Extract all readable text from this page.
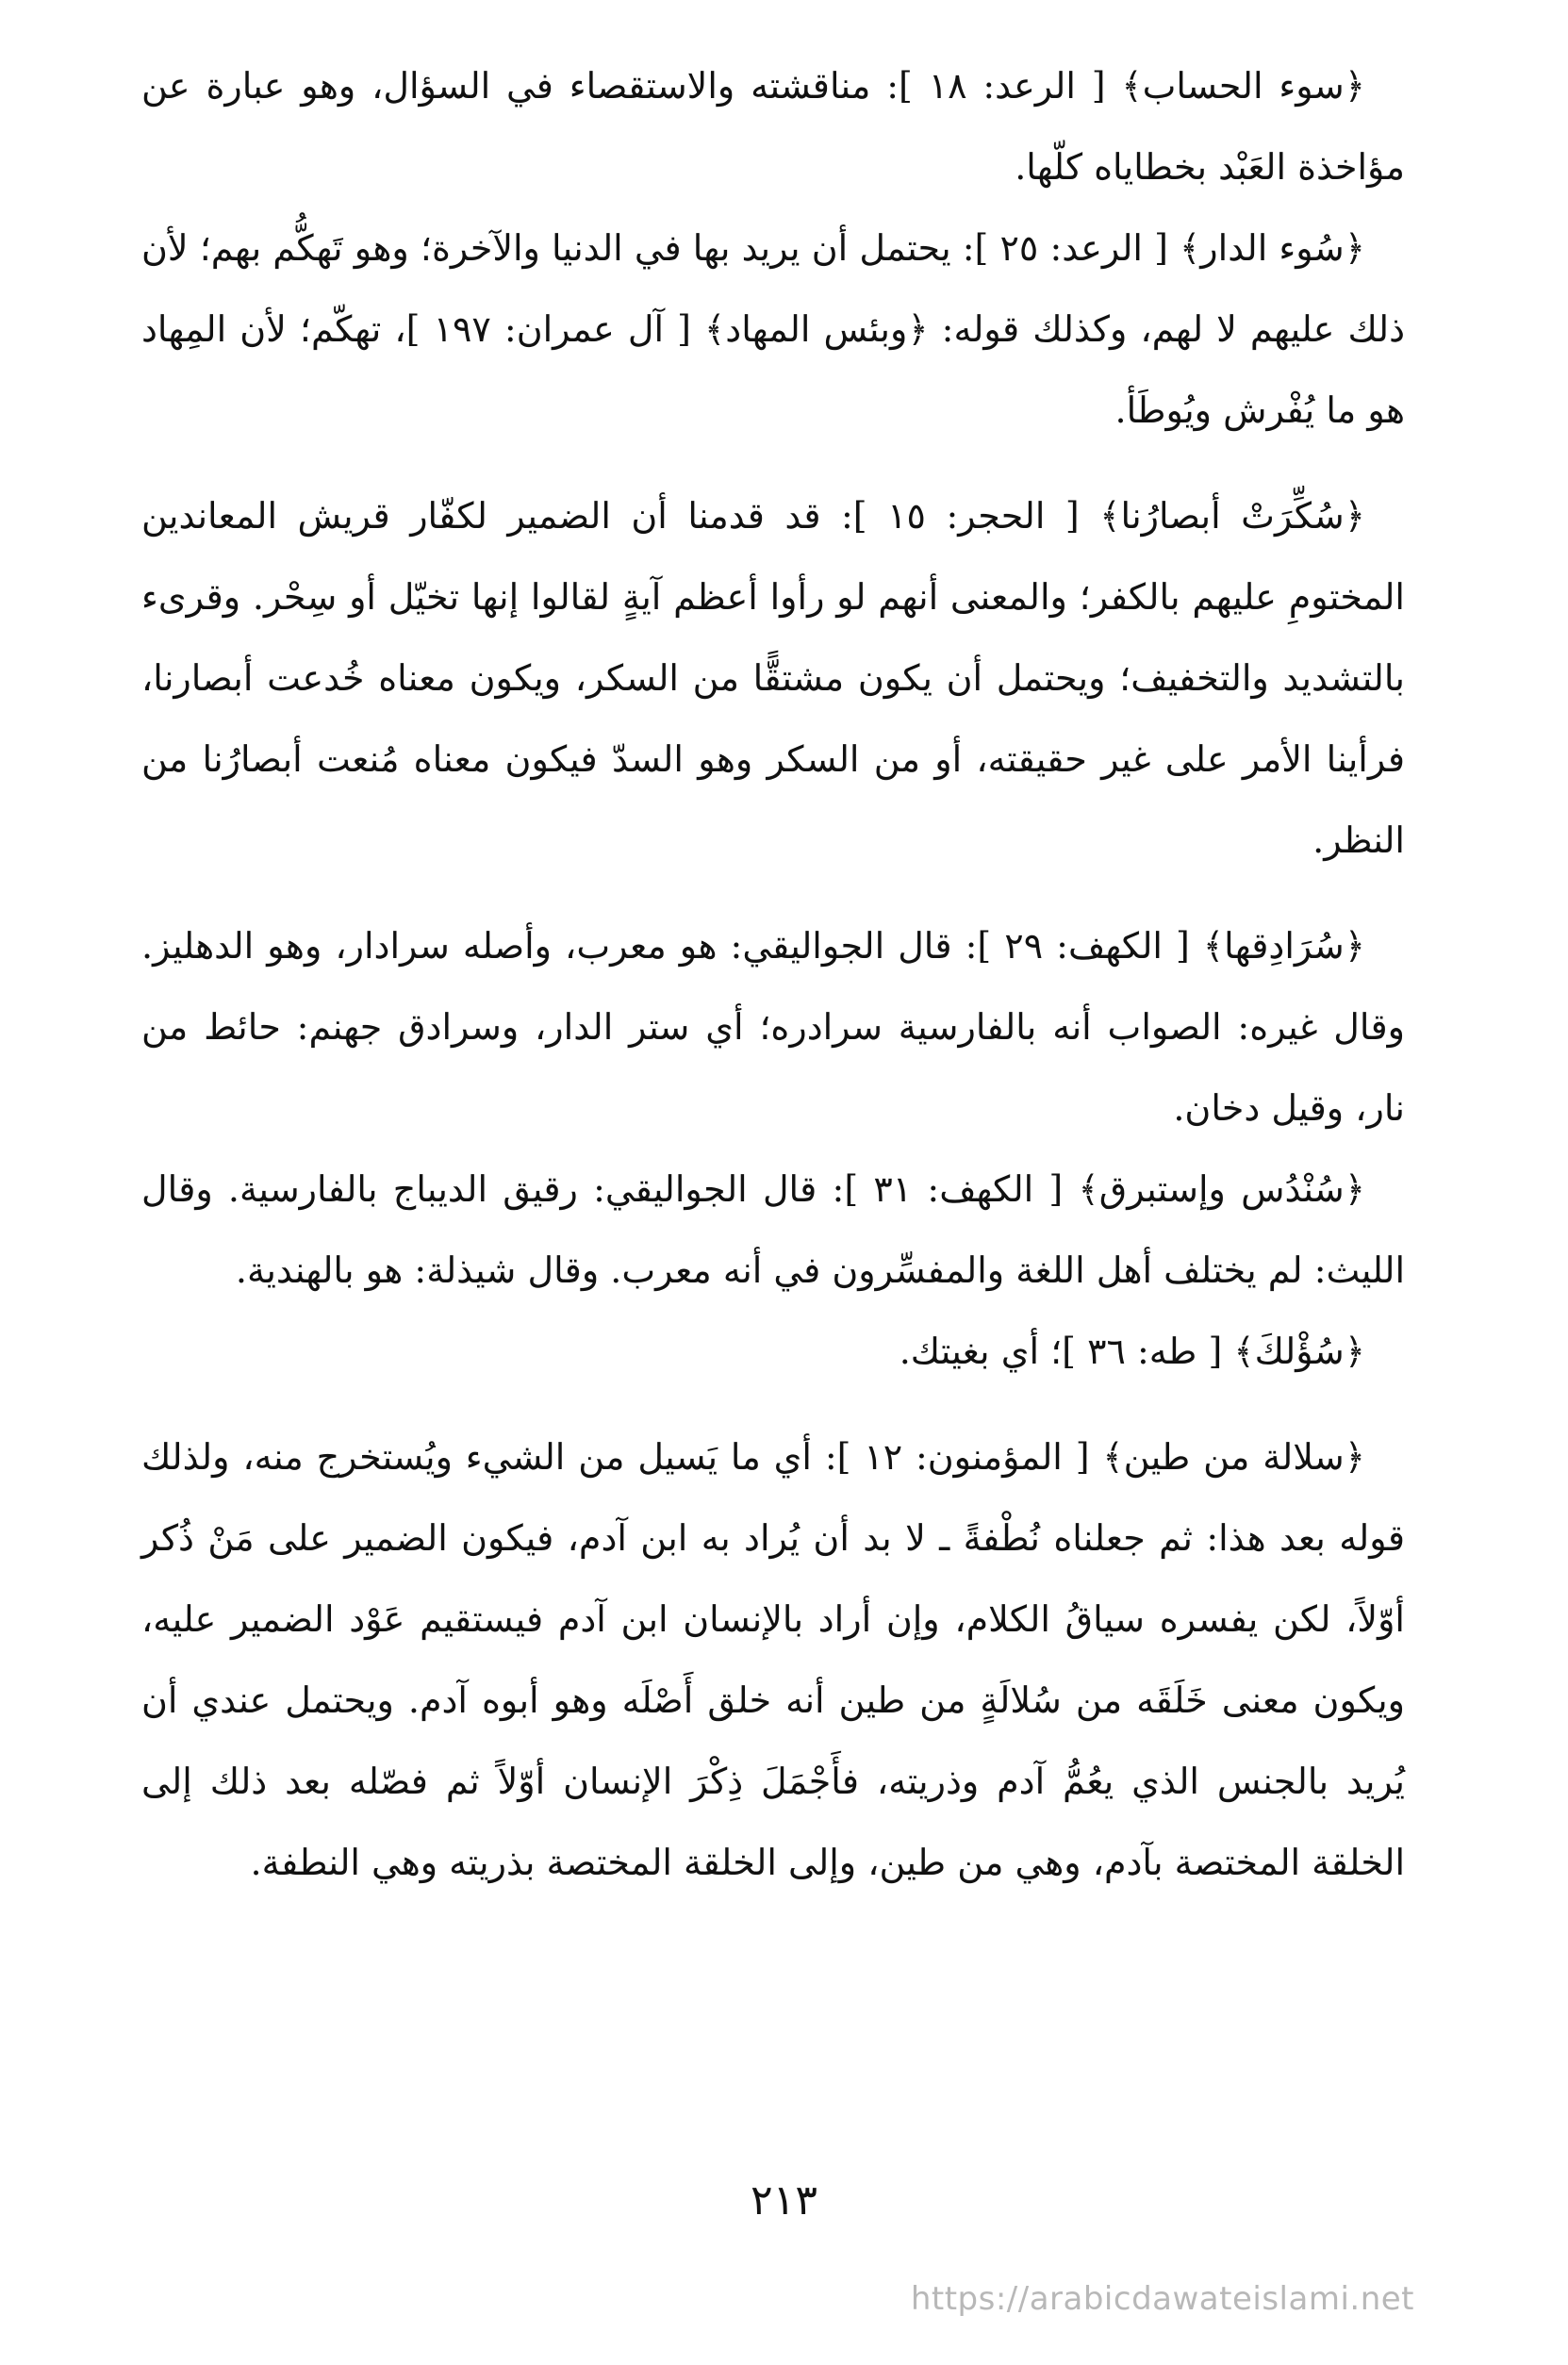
﴿سوء الحساب﴾ [ الرعد: ١٨ ]: مناقشته والاستقصاء في السؤال، وهو عبارة عن مؤاخذة العَبْد بخطاياه كلّها.

﴿سُوء الدار﴾ [ الرعد: ٢٥ ]: يحتمل أن يريد بها في الدنيا والآخرة؛ وهو تَهكُّم بهم؛ لأن ذلك عليهم لا لهم، وكذلك قوله: ﴿وبئس المهاد﴾ [ آل عمران: ١٩٧ ]، تهكّم؛ لأن المِهاد هو ما يُفْرش ويُوطَأ.

﴿سُكِّرَتْ أبصارُنا﴾ [ الحجر: ١٥ ]: قد قدمنا أن الضمير لكفّار قريش المعاندين المختومِ عليهم بالكفر؛ والمعنى أنهم لو رأوا أعظم آيةٍ لقالوا إنها تخيّل أو سِحْر. وقرىء بالتشديد والتخفيف؛ ويحتمل أن يكون مشتقًّا من السكر، ويكون معناه خُدعت أبصارنا، فرأينا الأمر على غير حقيقته، أو من السكر وهو السدّ فيكون معناه مُنعت أبصارُنا من النظر.

﴿سُرَادِقها﴾ [ الكهف: ٢٩ ]: قال الجواليقي: هو معرب، وأصله سرادار، وهو الدهليز. وقال غيره: الصواب أنه بالفارسية سرادره؛ أي ستر الدار، وسرادق جهنم: حائط من نار، وقيل دخان.

﴿سُنْدُس وإستبرق﴾ [ الكهف: ٣١ ]: قال الجواليقي: رقيق الديباج بالفارسية. وقال الليث: لم يختلف أهل اللغة والمفسِّرون في أنه معرب. وقال شيذلة: هو بالهندية.

﴿سُؤْلكَ﴾ [ طه: ٣٦ ]؛ أي بغيتك.

﴿سلالة من طين﴾ [ المؤمنون: ١٢ ]: أي ما يَسيل من الشيء ويُستخرج منه، ولذلك قوله بعد هذا: ثم جعلناه نُطْفةً ـ لا بد أن يُراد به ابن آدم، فيكون الضمير على مَنْ ذُكر أوّلاً، لكن يفسره سياقُ الكلام، وإن أراد بالإنسان ابن آدم فيستقيم عَوْد الضمير عليه، ويكون معنى خَلَقَه من سُلالَةٍ من طين أنه خلق أَصْلَه وهو أبوه آدم. ويحتمل عندي أن يُريد بالجنس الذي يعُمُّ آدم وذريته، فأَجْمَلَ ذِكْرَ الإنسان أوّلاً ثم فصّله بعد ذلك إلى الخلقة المختصة بآدم، وهي من طين، وإلى الخلقة المختصة بذريته وهي النطفة.

٢١٣
https://arabicdawateislami.net
